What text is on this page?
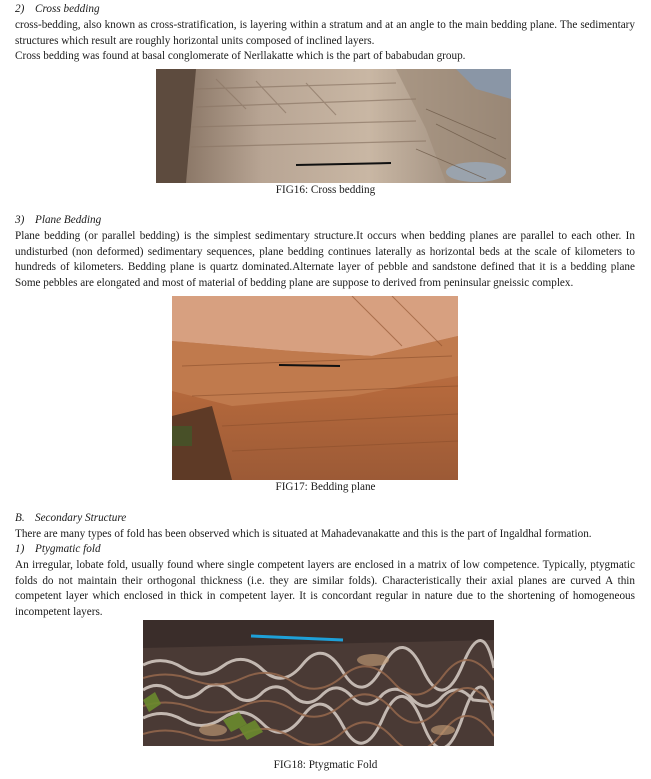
2) Cross bedding

cross-bedding, also known as cross-stratification, is layering within a stratum and at an angle to the main bedding plane. The sedimentary structures which result are roughly horizontal units composed of inclined layers.

Cross bedding was found at basal conglomerate of Nerllakatte which is the part of bababudan group.

FIG16: Cross bedding
3) Plane Bedding

Plane bedding (or parallel bedding) is the simplest sedimentary structure.It occurs when bedding planes are parallel to each other. In undisturbed (non deformed) sedimentary sequences, plane bedding continues laterally as horizontal beds at the scale of kilometers to hundreds of kilometers. Bedding plane is quartz dominated.Alternate layer of pebble and sandstone defined that it is a bedding plane Some pebbles are elongated and most of material of bedding plane are suppose to derived from peninsular gneissic complex.

FIG17: Bedding plane
B. Secondary Structure

There are many types of fold has been observed which is situated at Mahadevanakatte and this is the part of Ingaldhal formation.

1) Ptygmatic fold

An irregular, lobate fold, usually found where single competent layers are enclosed in a matrix of low competence. Typically, ptygmatic folds do not maintain their orthogonal thickness (i.e. they are similar folds). Characteristically their axial planes are curved A thin competent layer which enclosed in thick in competent layer. It is concordant regular in nature due to the shortening of homogeneous incompetent layers.

FIG18: Ptygmatic Fold
